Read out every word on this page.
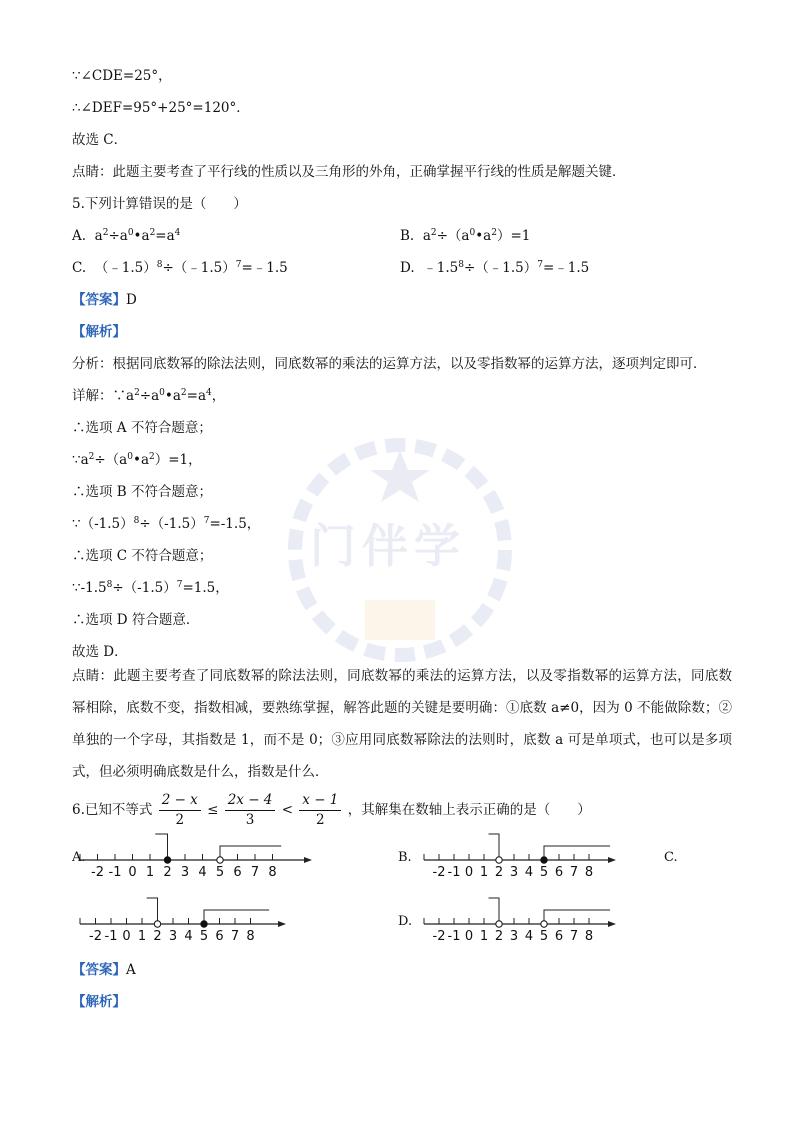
门伴学
∵∠CDE=25°，
∴∠DEF=95°+25°=120°．
故选 C．
点睛：此题主要考查了平行线的性质以及三角形的外角，正确掌握平行线的性质是解题关键．
5.下列计算错误的是（　　）
A. $a^2\div a^0•a^2=a^4$	B. $a^2\div(a^0•a^2)=1$
C. （﹣1.5）$^8$÷（﹣1.5）$^7$=﹣1.5	D. $﹣1.5^8\div(﹣1.5)^7=﹣1.5$
【答案】D
【解析】
分析：根据同底数幂的除法法则，同底数幂的乘法的运算方法，以及零指数幂的运算方法，逐项判定即可．
详解：$\because a^2\div a^0•a^2=a^4$，
∴选项 A 不符合题意；
$\because a^2\div(a^0•a^2)=1$，
∴选项 B 不符合题意；
$\because(-1.5)^8\div(-1.5)^7=-1.5$，
∴选项 C 不符合题意；
$\because-1.5^8\div(-1.5)^7=1.5$，
∴选项 D 符合题意．
故选 D．
点睛：此题主要考查了同底数幂的除法法则，同底数幂的乘法的运算方法，以及零指数幂的运算方法，同底数幂相除，底数不变，指数相减，要熟练掌握，解答此题的关键是要明确：①底数 a≠0，因为 0 不能做除数；②单独的一个字母，其指数是 1，而不是 0；③应用同底数幂除法的法则时，底数 a 可是单项式，也可以是多项式，但必须明确底数是什么，指数是什么．
6.已知不等式 $\frac{2 - x}{2} \le \frac{2x - 4}{3} < \frac{x - 1}{2}$ ，其解集在数轴上表示正确的是（　　）
A.	B.	C.
D.
-2 -1 0 1 2 3 4 5 6 7 8	-2 -1 0 1 2 3 4 5 6 7 8
-2 -1 0 1 2 3 4 5 6 7 8	-2 -1 0 1 2 3 4 5 6 7 8
【答案】A
【解析】
